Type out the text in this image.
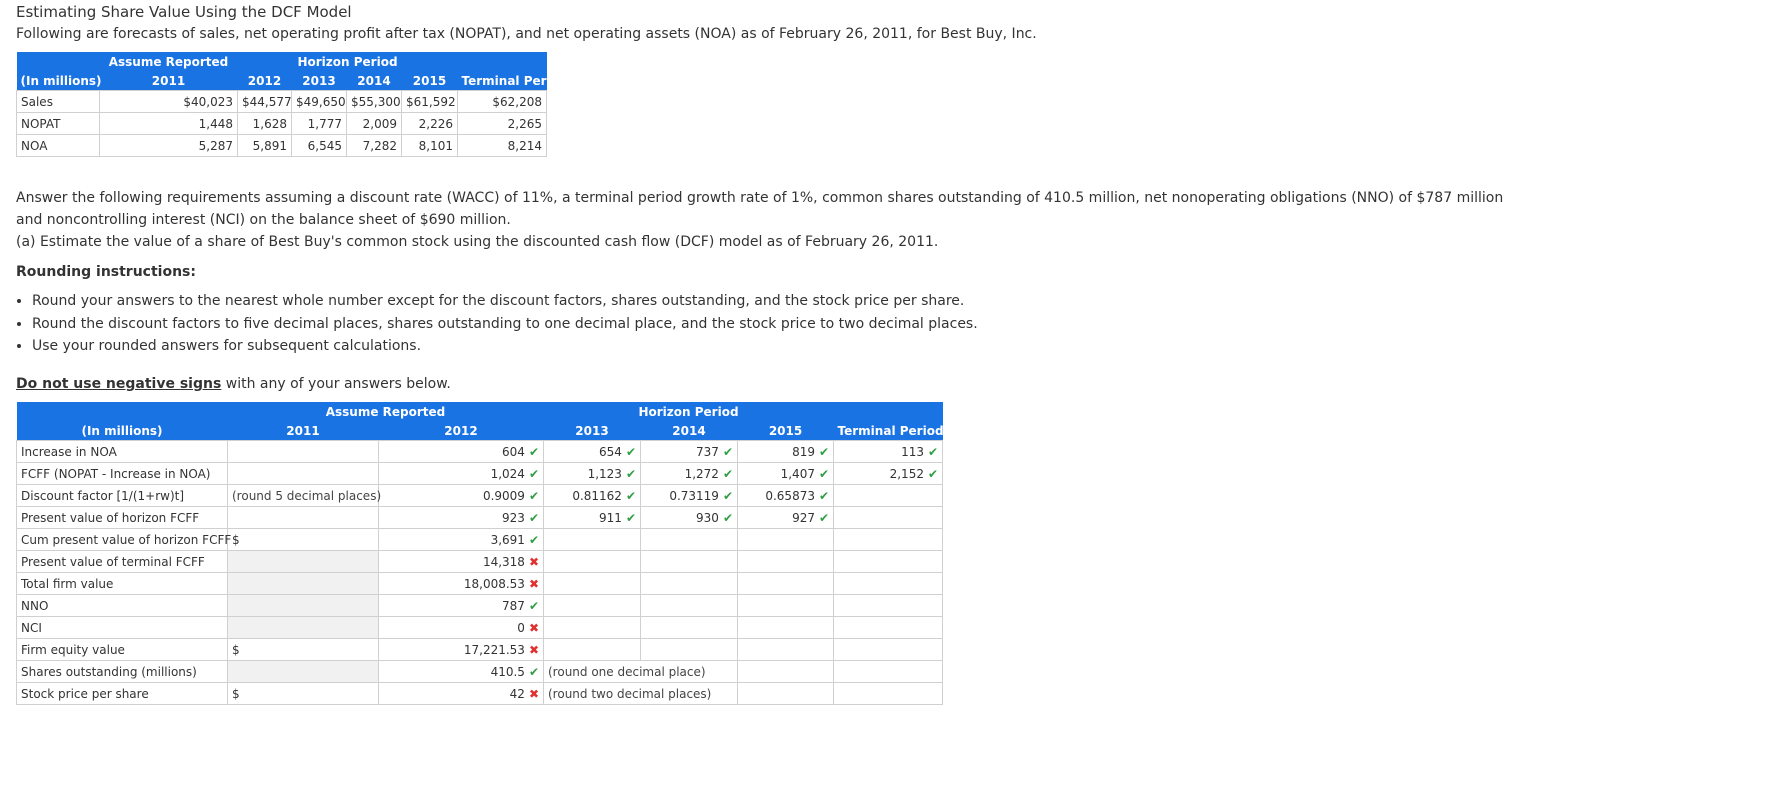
Estimating Share Value Using the DCF Model
Following are forecasts of sales, net operating profit after tax (NOPAT), and net operating assets (NOA) as of February 26, 2011, for Best Buy, Inc.
	Assume Reported	Horizon Period				
(In millions)	2011	2012	2013	2014	2015	Terminal Period
Sales	$40,023	$44,577	$49,650	$55,300	$61,592	$62,208
NOPAT	1,448	1,628	1,777	2,009	2,226	2,265
NOA	5,287	5,891	6,545	7,282	8,101	8,214
Answer the following requirements assuming a discount rate (WACC) of 11%, a terminal period growth rate of 1%, common shares outstanding of 410.5 million, net nonoperating obligations (NNO) of $787 million and noncontrolling interest (NCI) on the balance sheet of $690 million.
(a) Estimate the value of a share of Best Buy's common stock using the discounted cash flow (DCF) model as of February 26, 2011.
Rounding instructions:
• Round your answers to the nearest whole number except for the discount factors, shares outstanding, and the stock price per share.
• Round the discount factors to five decimal places, shares outstanding to one decimal place, and the stock price to two decimal places.
• Use your rounded answers for subsequent calculations.
Do not use negative signs with any of your answers below.
	Assume Reported		Horizon Period			
(In millions)	2011	2012	2013	2014	2015	Terminal Period
Increase in NOA		604 ✔	654 ✔	737 ✔	819 ✔	113 ✔
FCFF (NOPAT - Increase in NOA)		1,024 ✔	1,123 ✔	1,272 ✔	1,407 ✔	2,152 ✔
Discount factor [1/(1+rw)t]	(round 5 decimal places)	0.9009 ✔	0.81162 ✔	0.73119 ✔	0.65873 ✔	
Present value of horizon FCFF		923 ✔	911 ✔	930 ✔	927 ✔	
Cum present value of horizon FCFF	$	3,691 ✔				
Present value of terminal FCFF		14,318 ✖				
Total firm value		18,008.53 ✖				
NNO		787 ✔				
NCI		0 ✖				
Firm equity value	$	17,221.53 ✖				
Shares outstanding (millions)		410.5 ✔	(round one decimal place)			
Stock price per share	$	42 ✖	(round two decimal places)			
